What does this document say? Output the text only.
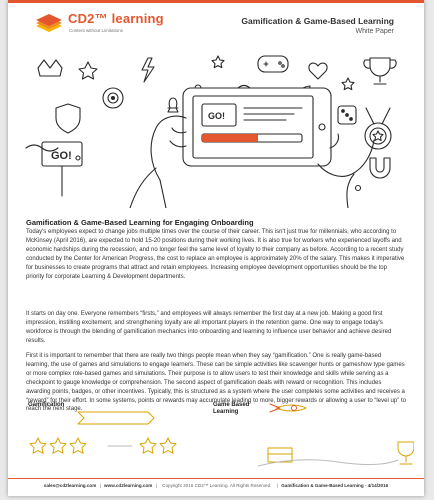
CD2™ learning
Content without Limitations
Gamification & Game-Based Learning
White Paper
GO!
GO!
Gamification & Game-Based Learning for Engaging Onboarding

Today's employees expect to change jobs multiple times over the course of their career. This isn't just true for millennials, who according to McKinsey (April 2016), are expected to hold 15-20 positions during their working lives. It is also true for workers who experienced layoffs and economic hardships during the recession, and no longer feel the same level of loyalty to their company as before. According to a recent study conducted by the Center for American Progress, the cost to replace an employee is approximately 20% of the salary. This makes it imperative for businesses to create programs that attract and retain employees. Increasing employee development opportunities should be the top priority for corporate Learning & Development departments.

It starts on day one. Everyone remembers “firsts,” and employees will always remember the first day at a new job. Making a good first impression, instilling excitement, and strengthening loyalty are all important players in the retention game. One way to engage today's workforce is through the blending of gamification mechanics into onboarding and learning to influence user behavior and achieve desired results.

First it is important to remember that there are really two things people mean when they say “gamification.” One is really game-based learning, the use of games and simulations to engage learners. These can be simple activities like scavenger hunts or gameshow type games or more complex role-based games and simulations. Their purpose is to allow users to test their knowledge and skills while serving as a checkpoint to gauge knowledge or comprehension. The second aspect of gamification deals with reward or recognition. This includes awarding points, badges, or other incentives. Typically, this is structured as a system where the user completes some activities and receives a “reward” for their effort. In some systems, points or rewards may accumulate leading to more, bigger rewards or allowing a user to “level up” to reach the next stage.

Gamification	Game Based Learning
sales@cd2learning.com | www.cd2learning.com | Copyright 2016 CD2™ Learning. All Rights Reserved. | Gamification & Game-Based Learning - 4/14/2016
